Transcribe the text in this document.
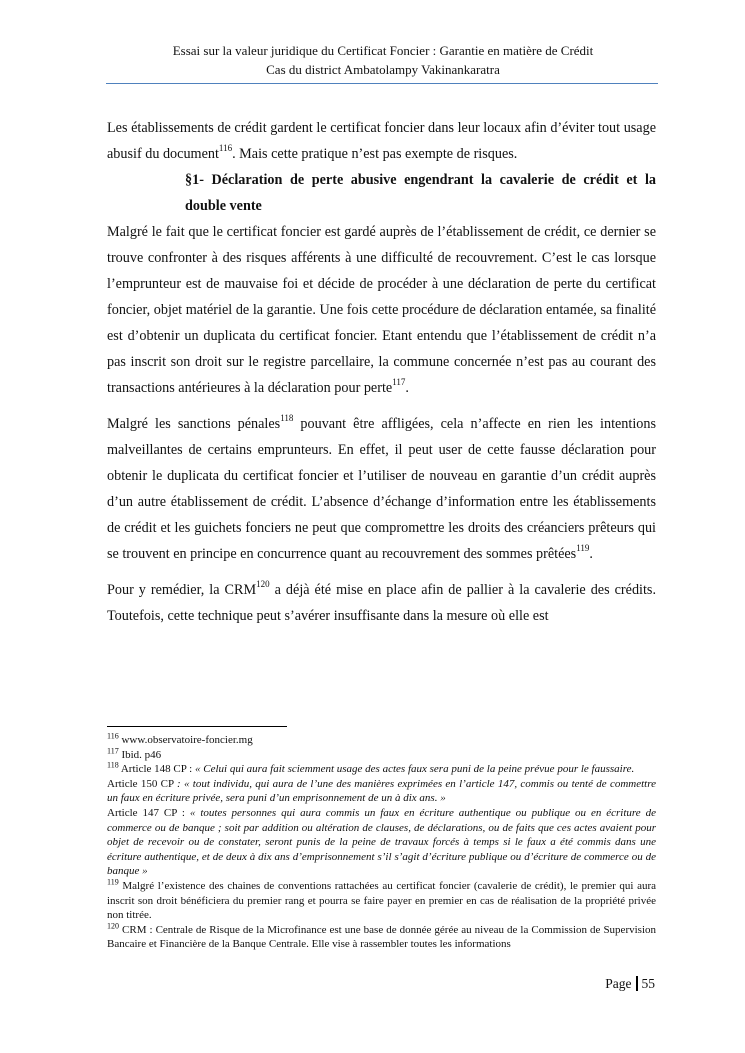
Essai sur la valeur juridique du Certificat Foncier : Garantie en matière de Crédit
Cas du district Ambatolampy Vakinankaratra

Les établissements de crédit gardent le certificat foncier dans leur locaux afin d’éviter tout usage abusif du document$^{116}$. Mais cette pratique n’est pas exempte de risques.

§1- Déclaration de perte abusive engendrant la cavalerie de crédit et la double vente

Malgré le fait que le certificat foncier est gardé auprès de l’établissement de crédit, ce dernier se trouve confronter à des risques afférents à une difficulté de recouvrement. C’est le cas lorsque l’emprunteur est de mauvaise foi et décide de procéder à une déclaration de perte du certificat foncier, objet matériel de la garantie. Une fois cette procédure de déclaration entamée, sa finalité est d’obtenir un duplicata du certificat foncier. Etant entendu que l’établissement de crédit n’a pas inscrit son droit sur le registre parcellaire, la commune concernée n’est pas au courant des transactions antérieures à la déclaration pour perte$^{117}$.

Malgré les sanctions pénales$^{118}$ pouvant être affligées, cela n’affecte en rien les intentions malveillantes de certains emprunteurs. En effet, il peut user de cette fausse déclaration pour obtenir le duplicata du certificat foncier et l’utiliser de nouveau en garantie d’un crédit auprès d’un autre établissement de crédit. L’absence d’échange d’information entre les établissements de crédit et les guichets fonciers ne peut que compromettre les droits des créanciers prêteurs qui se trouvent en principe en concurrence quant au recouvrement des sommes prêtées$^{119}$.

Pour y remédier, la CRM$^{120}$ a déjà été mise en place afin de pallier à la cavalerie des crédits. Toutefois, cette technique peut s’avérer insuffisante dans la mesure où elle est

$^{116}$ www.observatoire-foncier.mg

$^{117}$ Ibid. p46

$^{118}$ Article 148 CP : « Celui qui aura fait sciemment usage des actes faux sera puni de la peine prévue pour le faussaire.

Article 150 CP : « tout individu, qui aura de l’une des manières exprimées en l’article 147, commis ou tenté de commettre un faux en écriture privée, sera puni d’un emprisonnement de un à dix ans. »

Article 147 CP : « toutes personnes qui aura commis un faux en écriture authentique ou publique ou en écriture de commerce ou de banque ; soit par addition ou altération de clauses, de déclarations, ou de faits que ces actes avaient pour objet de recevoir ou de constater, seront punis de la peine de travaux forcés à temps si le faux a été commis dans une écriture authentique, et de deux à dix ans d’emprisonnement s’il s’agit d’écriture publique ou d’écriture de commerce ou de banque »

$^{119}$ Malgré l’existence des chaines de conventions rattachées au certificat foncier (cavalerie de crédit), le premier qui aura inscrit son droit bénéficiera du premier rang et pourra se faire payer en premier en cas de réalisation de la propriété privée non titrée.

$^{120}$ CRM : Centrale de Risque de la Microfinance est une base de donnée gérée au niveau de la Commission de Supervision Bancaire et Financière de la Banque Centrale. Elle vise à rassembler toutes les informations

Page 55
